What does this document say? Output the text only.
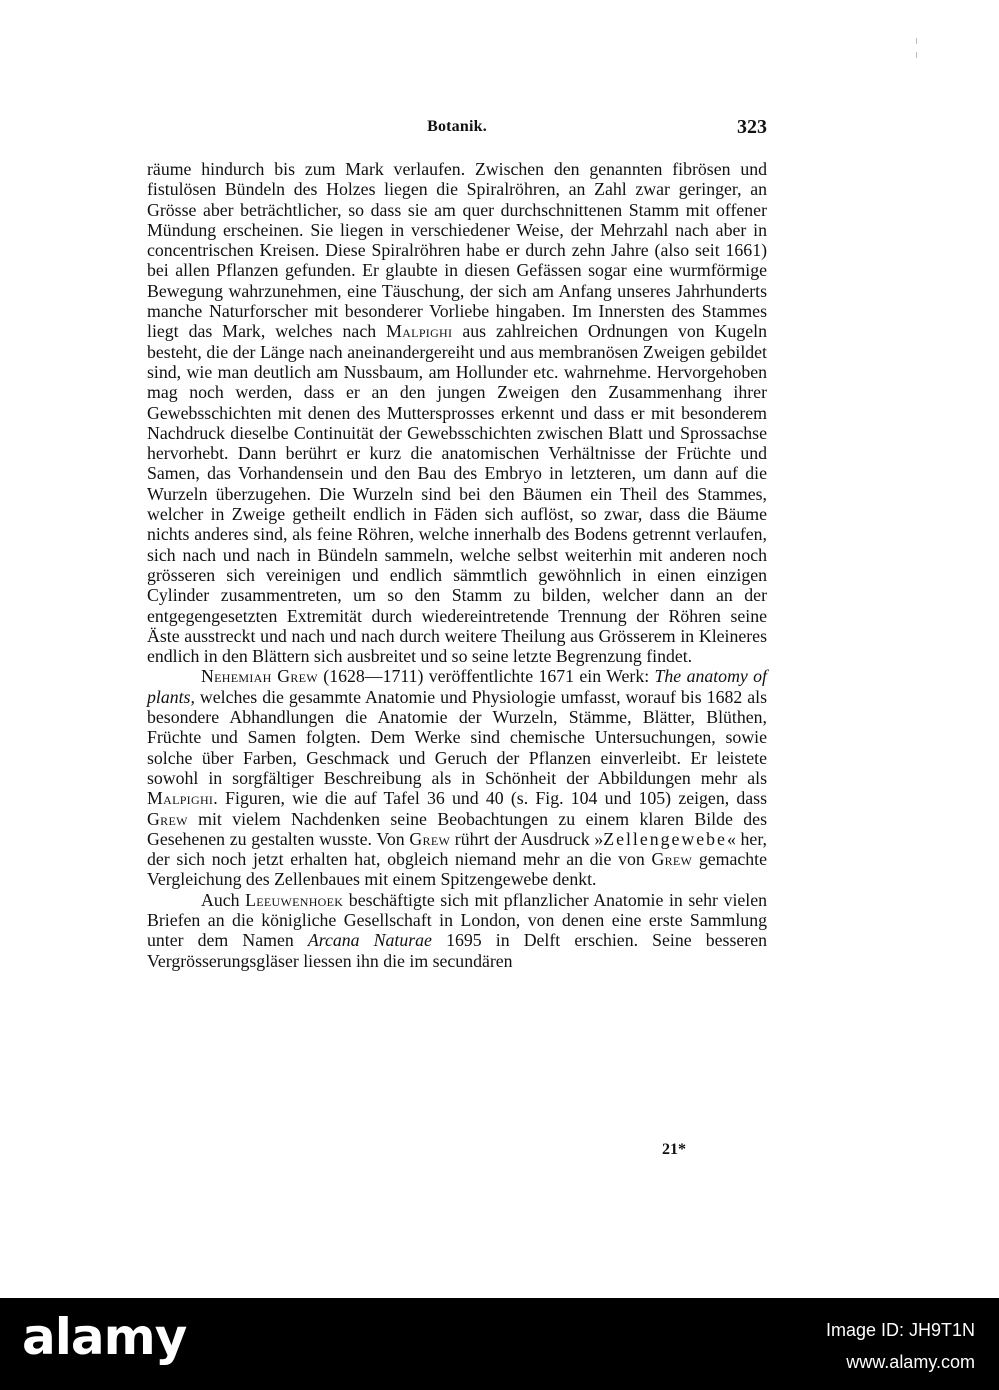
Botanik.	323

räume hindurch bis zum Mark verlaufen. Zwischen den genannten fibrösen und fistulösen Bündeln des Holzes liegen die Spiralröhren, an Zahl zwar geringer, an Grösse aber beträchtlicher, so dass sie am quer durchschnittenen Stamm mit offener Mündung erscheinen. Sie liegen in verschiedener Weise, der Mehrzahl nach aber in concentrischen Kreisen. Diese Spiralröhren habe er durch zehn Jahre (also seit 1661) bei allen Pflanzen gefunden. Er glaubte in diesen Gefässen sogar eine wurmförmige Bewegung wahrzunehmen, eine Täuschung, der sich am Anfang unseres Jahrhunderts manche Naturforscher mit besonderer Vorliebe hingaben. Im Innersten des Stammes liegt das Mark, welches nach Malpighi aus zahlreichen Ordnungen von Kugeln besteht, die der Länge nach aneinandergereiht und aus membranösen Zweigen gebildet sind, wie man deutlich am Nussbaum, am Hollunder etc. wahrnehme. Hervorgehoben mag noch werden, dass er an den jungen Zweigen den Zusammenhang ihrer Gewebsschichten mit denen des Muttersprosses erkennt und dass er mit besonderem Nachdruck dieselbe Continuität der Gewebsschichten zwischen Blatt und Sprossachse hervorhebt. Dann berührt er kurz die anatomischen Verhältnisse der Früchte und Samen, das Vorhandensein und den Bau des Embryo in letzteren, um dann auf die Wurzeln überzugehen. Die Wurzeln sind bei den Bäumen ein Theil des Stammes, welcher in Zweige getheilt endlich in Fäden sich auflöst, so zwar, dass die Bäume nichts anderes sind, als feine Röhren, welche innerhalb des Bodens getrennt verlaufen, sich nach und nach in Bündeln sammeln, welche selbst weiterhin mit anderen noch grösseren sich vereinigen und endlich sämmtlich gewöhnlich in einen einzigen Cylinder zusammentreten, um so den Stamm zu bilden, welcher dann an der entgegengesetzten Extremität durch wiedereintretende Trennung der Röhren seine Äste ausstreckt und nach und nach durch weitere Theilung aus Grösserem in Kleineres endlich in den Blättern sich ausbreitet und so seine letzte Begrenzung findet.

Nehemiah Grew (1628—1711) veröffentlichte 1671 ein Werk: The anatomy of plants, welches die gesammte Anatomie und Physiologie umfasst, worauf bis 1682 als besondere Abhandlungen die Anatomie der Wurzeln, Stämme, Blätter, Blüthen, Früchte und Samen folgten. Dem Werke sind chemische Untersuchungen, sowie solche über Farben, Geschmack und Geruch der Pflanzen einverleibt. Er leistete sowohl in sorgfältiger Beschreibung als in Schönheit der Abbildungen mehr als Malpighi. Figuren, wie die auf Tafel 36 und 40 (s. Fig. 104 und 105) zeigen, dass Grew mit vielem Nachdenken seine Beobachtungen zu einem klaren Bilde des Gesehenen zu gestalten wusste. Von Grew rührt der Ausdruck »Zellengewebe« her, der sich noch jetzt erhalten hat, obgleich niemand mehr an die von Grew gemachte Vergleichung des Zellenbaues mit einem Spitzengewebe denkt.

Auch Leeuwenhoek beschäftigte sich mit pflanzlicher Anatomie in sehr vielen Briefen an die königliche Gesellschaft in London, von denen eine erste Sammlung unter dem Namen Arcana Naturae 1695 in Delft erschien. Seine besseren Vergrösserungsgläser liessen ihn die im secundären

21*
alamy	Image ID: JH9T1N
www.alamy.com
